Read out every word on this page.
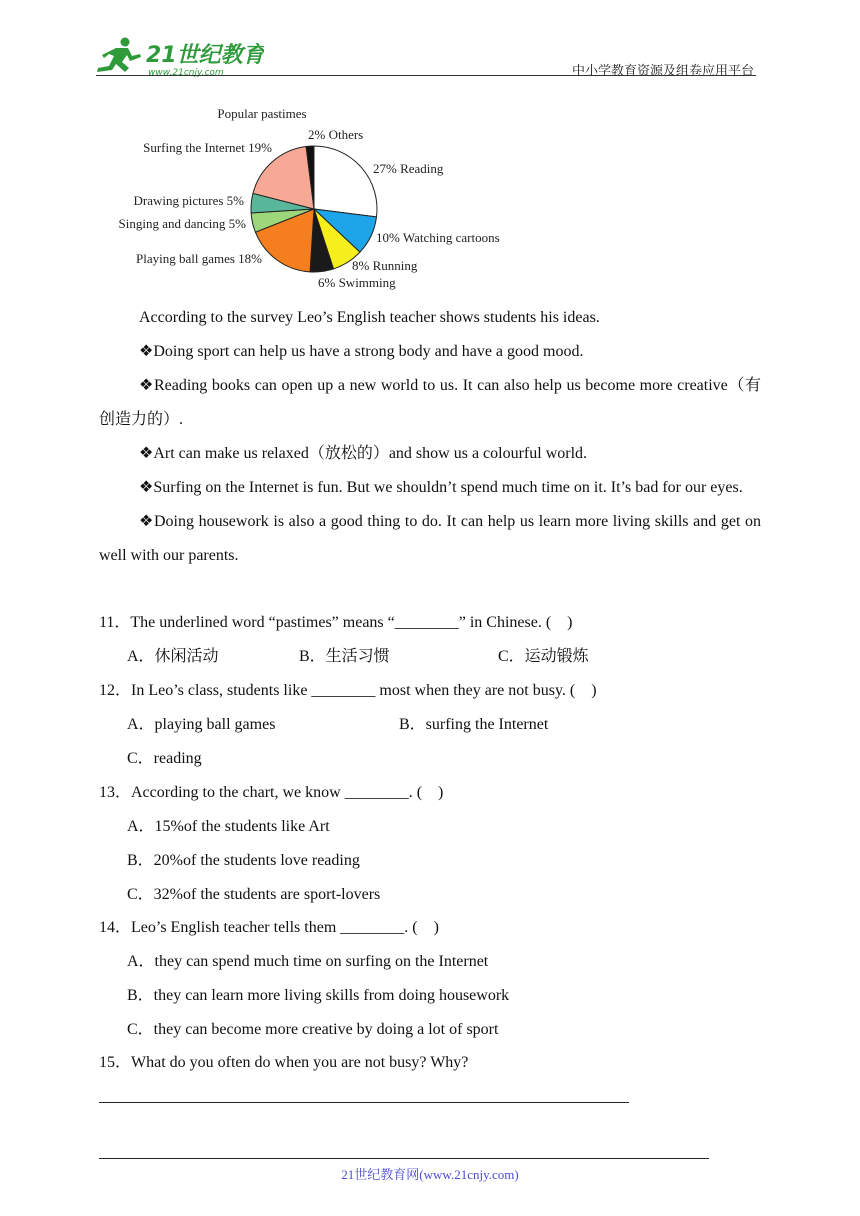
21世纪教育
www.21cnjy.com	中小学教育资源及组卷应用平台
Popular pastimes
2% Others
27% Reading
10% Watching cartoons
8% Running
6% Swimming
Surfing the Internet 19%
Drawing pictures 5%
Singing and dancing 5%
Playing ball games 18%

According to the survey Leo’s English teacher shows students his ideas.

❖Doing sport can help us have a strong body and have a good mood.

❖Reading books can open up a new world to us. It can also help us become more creative（有创造力的）.

❖Art can make us relaxed（放松的）and show us a colourful world.

❖Surfing on the Internet is fun. But we shouldn’t spend much time on it. It’s bad for our eyes.

❖Doing housework is also a good thing to do. It can help us learn more living skills and get on well with our parents.

11．The underlined word “pastimes” means “________” in Chinese. (　)
A．休闲活动	B．生活习惯	C．运动锻炼
12．In Leo’s class, students like ________ most when they are not busy. (　)
A．playing ball games	B．surfing the Internet
C．reading
13．According to the chart, we know ________. (　)
A．15%of the students like Art
B．20%of the students love reading
C．32%of the students are sport-lovers
14．Leo’s English teacher tells them ________. (　)
A．they can spend much time on surfing on the Internet
B．they can learn more living skills from doing housework
C．they can become more creative by doing a lot of sport
15．What do you often do when you are not busy? Why?
21世纪教育网(www.21cnjy.com)
